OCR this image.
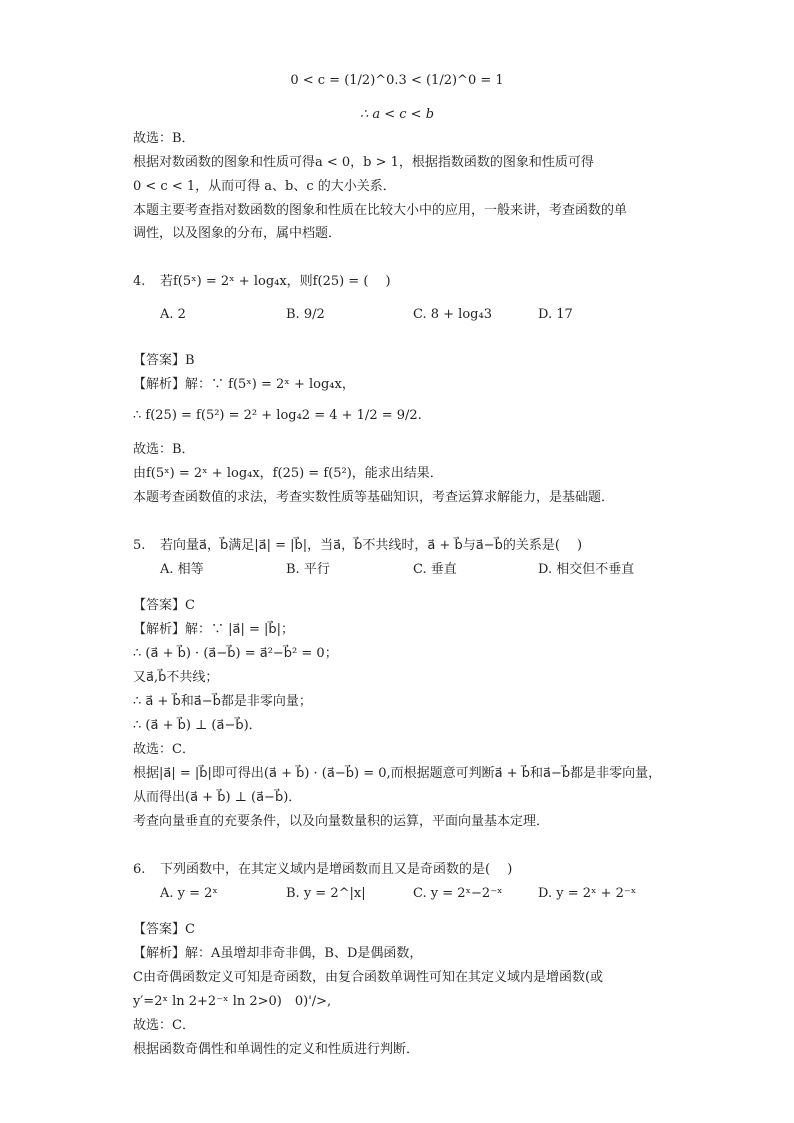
0 < c = (1/2)^0.3 < (1/2)^0 = 1
∴ a < c < b
故选：B．
根据对数函数的图象和性质可得a < 0，b > 1，根据指数函数的图象和性质可得
0 < c < 1，从而可得 a、b、c 的大小关系．
本题主要考查指对数函数的图象和性质在比较大小中的应用，一般来讲，考查函数的单
调性，以及图象的分布，属中档题．
4. 若f(5ˣ) = 2ˣ + log₄x，则f(25) = (　 )
A. 2	B. 9/2	C. 8 + log₄3	D. 17
【答案】B
【解析】解：∵ f(5ˣ) = 2ˣ + log₄x，
∴ f(25) = f(5²) = 2² + log₄2 = 4 + 1/2 = 9/2.
故选：B．
由f(5ˣ) = 2ˣ + log₄x，f(25) = f(5²)，能求出结果．
本题考查函数值的求法，考查实数性质等基础知识，考查运算求解能力，是基础题．
5. 若向量a⃗，b⃗满足|a⃗| = |b⃗|，当a⃗，b⃗不共线时，a⃗ + b⃗与a⃗−b⃗的关系是(　 )
A. 相等	B. 平行	C. 垂直	D. 相交但不垂直
【答案】C
【解析】解：∵ |a⃗| = |b⃗|；
∴ (a⃗ + b⃗) · (a⃗−b⃗) = a⃗²−b⃗² = 0；
又a⃗,b⃗不共线；
∴ a⃗ + b⃗和a⃗−b⃗都是非零向量；
∴ (a⃗ + b⃗) ⊥ (a⃗−b⃗)．
故选：C．
根据|a⃗| = |b⃗|即可得出(a⃗ + b⃗) · (a⃗−b⃗) = 0,而根据题意可判断a⃗ + b⃗和a⃗−b⃗都是非零向量，
从而得出(a⃗ + b⃗) ⊥ (a⃗−b⃗)．
考查向量垂直的充要条件，以及向量数量积的运算，平面向量基本定理．
6. 下列函数中，在其定义域内是增函数而且又是奇函数的是(　 )
A. y = 2ˣ	B. y = 2^|x|	C. y = 2ˣ−2⁻ˣ	D. y = 2ˣ + 2⁻ˣ
【答案】C
【解析】解：A虽增却非奇非偶，B、D是偶函数，
C由奇偶函数定义可知是奇函数，由复合函数单调性可知在其定义域内是增函数(或
y′=2ˣ ln 2+2⁻ˣ ln 2>0)　0)'/>,
故选：C．
根据函数奇偶性和单调性的定义和性质进行判断．
